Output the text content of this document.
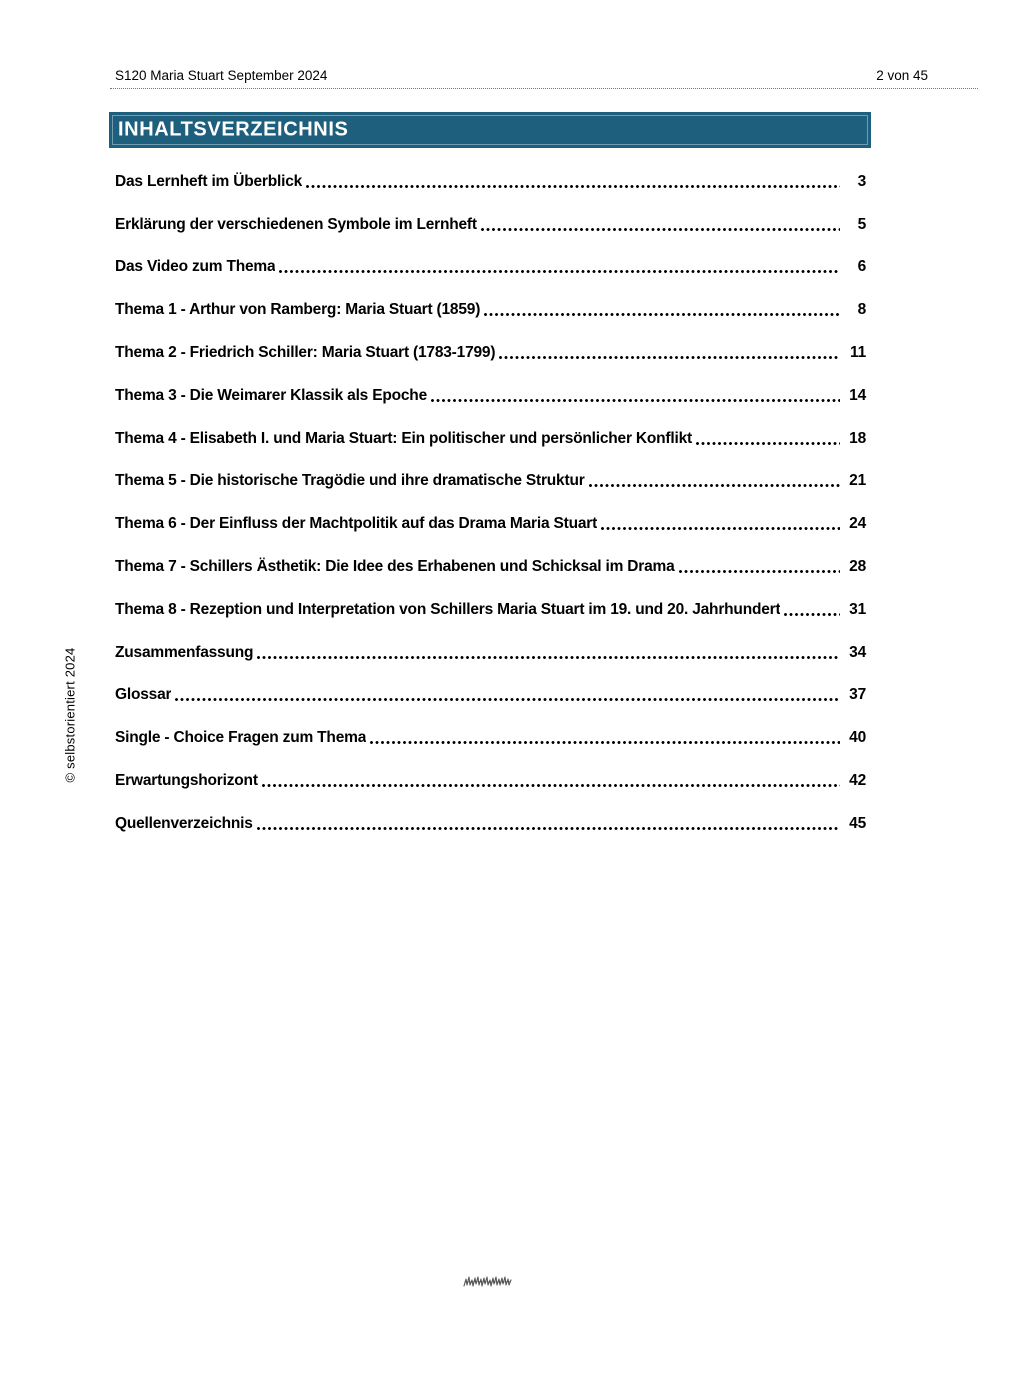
S120 Maria Stuart September 2024	2 von 45
INHALTSVERZEICHNIS
Das Lernheft im Überblick	3
Erklärung der verschiedenen Symbole im Lernheft	5
Das Video zum Thema	6
Thema 1 - Arthur von Ramberg: Maria Stuart (1859)	8
Thema 2 - Friedrich Schiller: Maria Stuart (1783-1799)	11
Thema 3 - Die Weimarer Klassik als Epoche	14
Thema 4 - Elisabeth I. und Maria Stuart: Ein politischer und persönlicher Konflikt	18
Thema 5 - Die historische Tragödie und ihre dramatische Struktur	21
Thema 6 - Der Einfluss der Machtpolitik auf das Drama Maria Stuart	24
Thema 7 - Schillers Ästhetik: Die Idee des Erhabenen und Schicksal im Drama	28
Thema 8 - Rezeption und Interpretation von Schillers Maria Stuart im 19. und 20. Jahrhundert	31
Zusammenfassung	34
Glossar	37
Single - Choice Fragen zum Thema	40
Erwartungshorizont	42
Quellenverzeichnis	45
© selbstorientiert 2024
